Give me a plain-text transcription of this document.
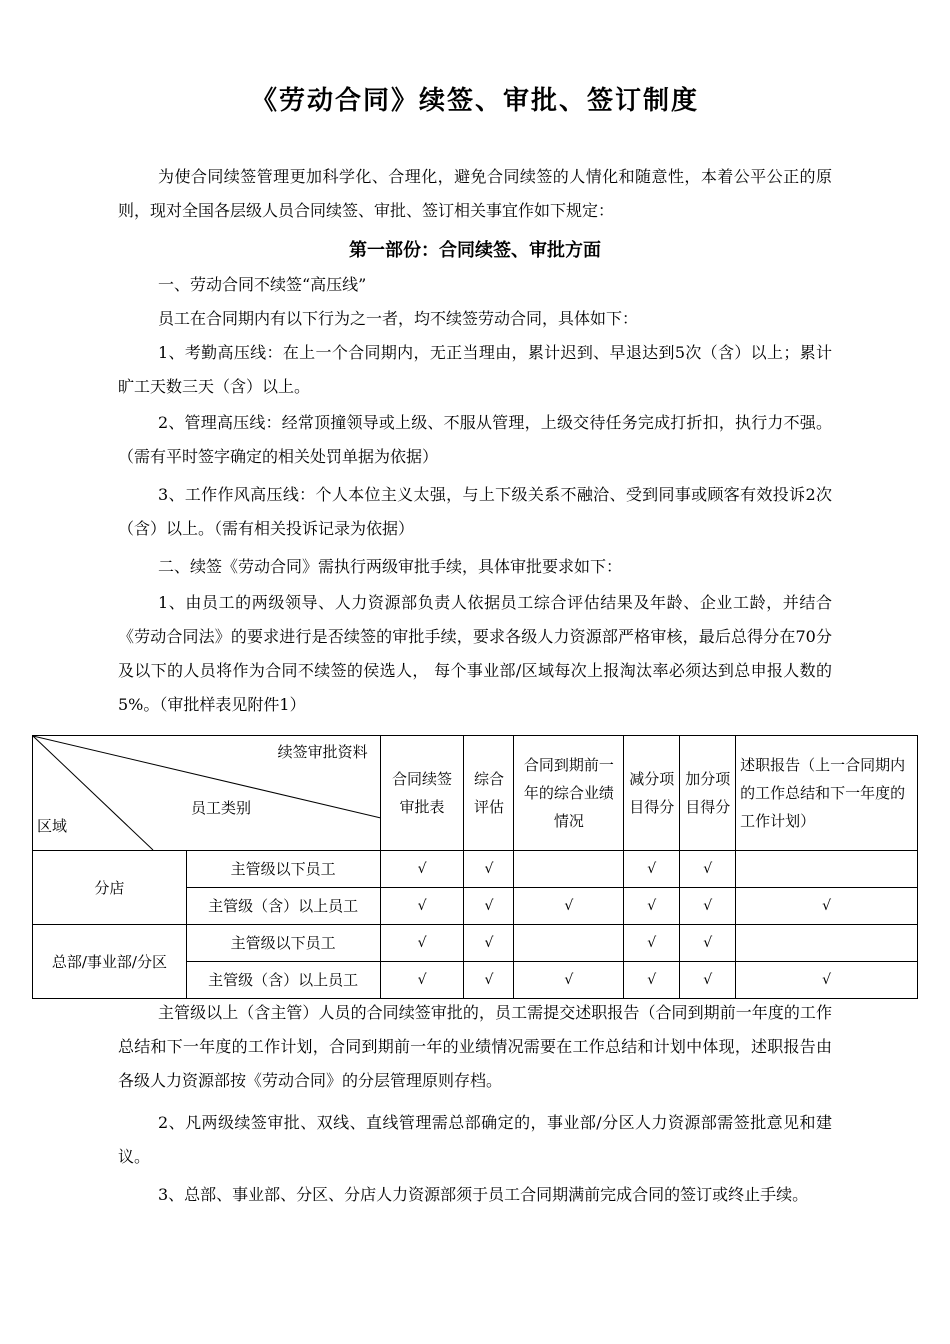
《劳动合同》续签、审批、签订制度

为使合同续签管理更加科学化、合理化，避免合同续签的人情化和随意性，本着公平公正的原则，现对全国各层级人员合同续签、审批、签订相关事宜作如下规定：

第一部份：合同续签、审批方面

一、劳动合同不续签“高压线”

员工在合同期内有以下行为之一者，均不续签劳动合同，具体如下：

1、考勤高压线：在上一个合同期内，无正当理由，累计迟到、早退达到5次（含）以上；累计旷工天数三天（含）以上。

2、管理高压线：经常顶撞领导或上级、不服从管理，上级交待任务完成打折扣，执行力不强。（需有平时签字确定的相关处罚单据为依据）

3、工作作风高压线：个人本位主义太强，与上下级关系不融洽、受到同事或顾客有效投诉2次（含）以上。（需有相关投诉记录为依据）

二、续签《劳动合同》需执行两级审批手续，具体审批要求如下：

1、由员工的两级领导、人力资源部负责人依据员工综合评估结果及年龄、企业工龄，并结合《劳动合同法》的要求进行是否续签的审批手续，要求各级人力资源部严格审核，最后总得分在70分及以下的人员将作为合同不续签的侯选人， 每个事业部/区域每次上报淘汰率必须达到总申报人数的5%。（审批样表见附件1）

续签审批资料
员工类别
区域		合同续签审批表	综合评估	合同到期前一年的综合业绩情况	减分项目得分	加分项目得分	述职报告（上一合同期内的工作总结和下一年度的工作计划）
分店	主管级以下员工	√	√		√	√	
	主管级（含）以上员工	√	√	√	√	√	√
总部/事业部/分区	主管级以下员工	√	√		√	√	
	主管级（含）以上员工	√	√	√	√	√	√

主管级以上（含主管）人员的合同续签审批的，员工需提交述职报告（合同到期前一年度的工作总结和下一年度的工作计划，合同到期前一年的业绩情况需要在工作总结和计划中体现，述职报告由各级人力资源部按《劳动合同》的分层管理原则存档。

2、凡两级续签审批、双线、直线管理需总部确定的，事业部/分区人力资源部需签批意见和建议。

3、总部、事业部、分区、分店人力资源部须于员工合同期满前完成合同的签订或终止手续。
